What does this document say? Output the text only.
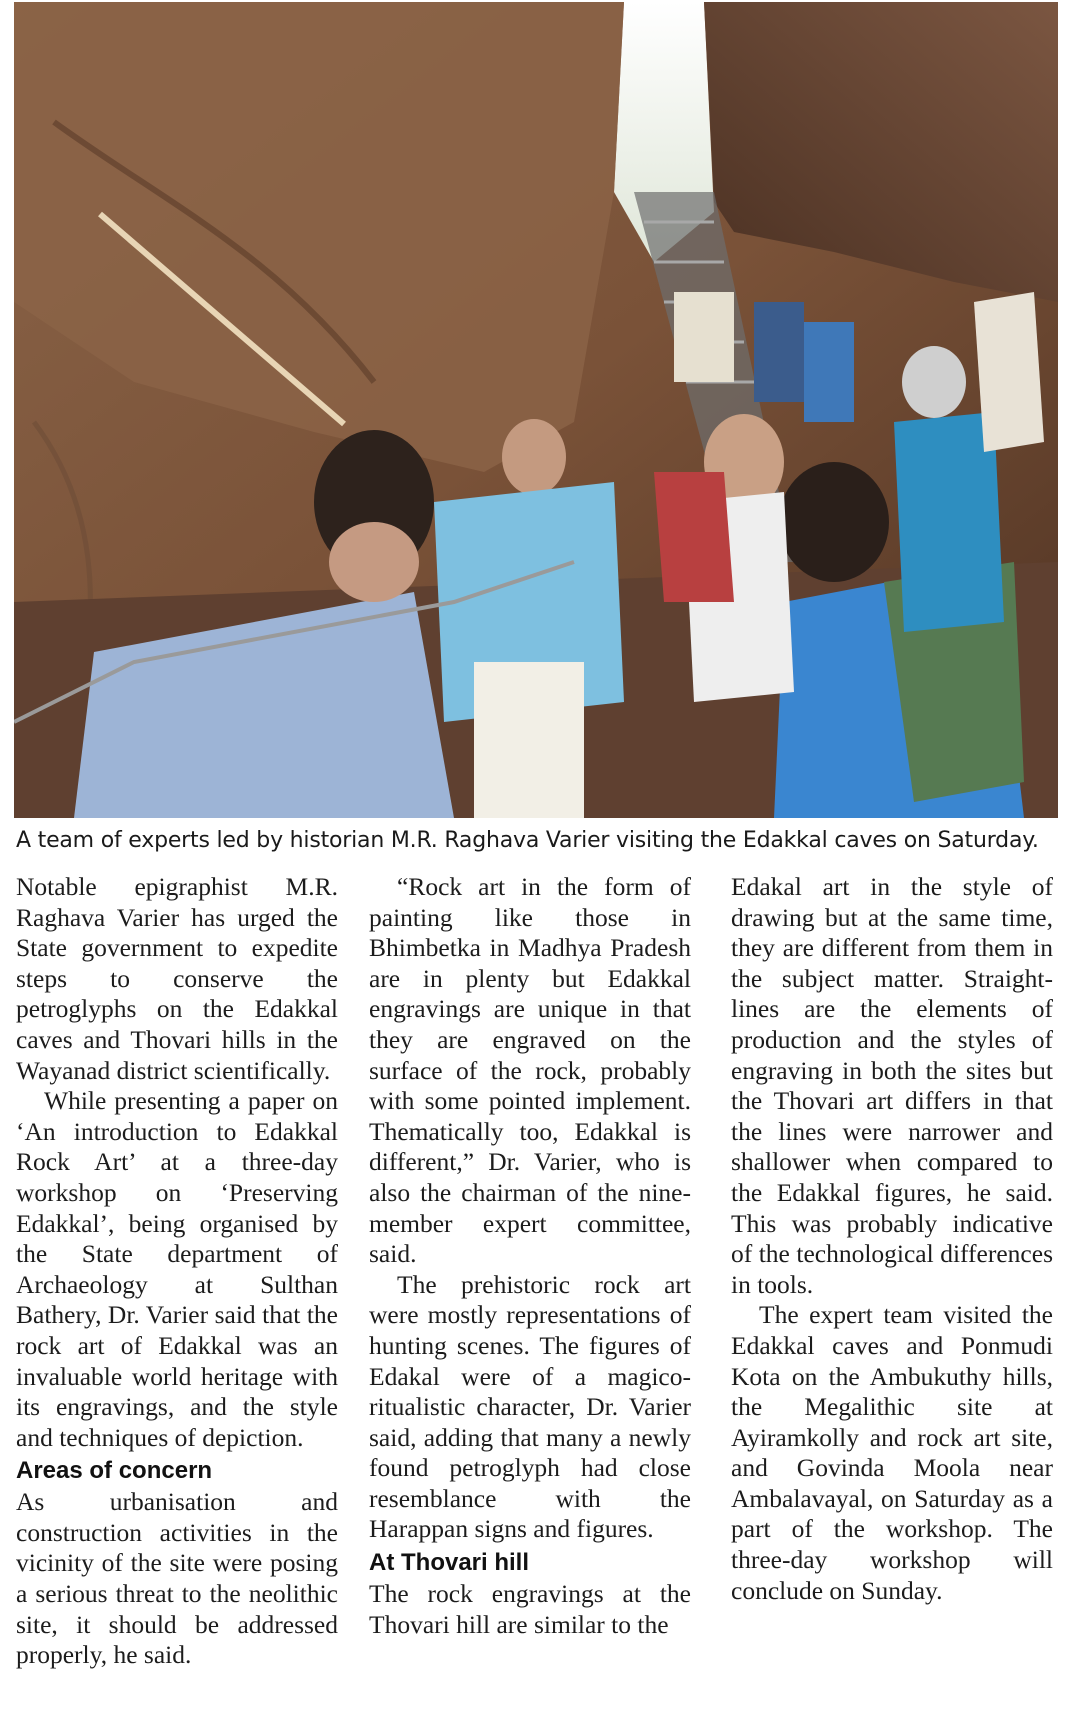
A team of experts led by historian M.R. Raghava Varier visiting the Edakkal caves on Saturday.

Notable epigraphist M.R. Raghava Varier has urged the State government to expedite steps to conserve the petroglyphs on the Edakkal caves and Thovari hills in the Wayanad district scientifically.

While presenting a paper on ‘An introduction to Edakkal Rock Art’ at a three-day workshop on ‘Preserving Edakkal’, being organised by the State department of Archaeology at Sulthan Bathery, Dr. Varier said that the rock art of Edakkal was an invaluable world heritage with its engravings, and the style and techniques of depiction.

Areas of concern

As urbanisation and construction activities in the vicinity of the site were posing a serious threat to the neolithic site, it should be addressed properly, he said.

“Rock art in the form of painting like those in Bhimbetka in Madhya Pradesh are in plenty but Edakkal engravings are unique in that they are engraved on the surface of the rock, probably with some pointed implement. Thematically too, Edakkal is different,” Dr. Varier, who is also the chairman of the nine-member expert committee, said.

The prehistoric rock art were mostly representations of hunting scenes. The figures of Edakal were of a magico-ritualistic character, Dr. Varier said, adding that many a newly found petroglyph had close resemblance with the Harappan signs and figures.

At Thovari hill

The rock engravings at the Thovari hill are similar to the

Edakal art in the style of drawing but at the same time, they are different from them in the subject matter. Straight-lines are the elements of production and the styles of engraving in both the sites but the Thovari art differs in that the lines were narrower and shallower when compared to the Edakkal figures, he said. This was probably indicative of the technological differences in tools.

The expert team visited the Edakkal caves and Ponmudi Kota on the Ambukuthy hills, the Megalithic site at Ayiramkolly and rock art site, and Govinda Moola near Ambalavayal, on Saturday as a part of the workshop. The three-day workshop will conclude on Sunday.
